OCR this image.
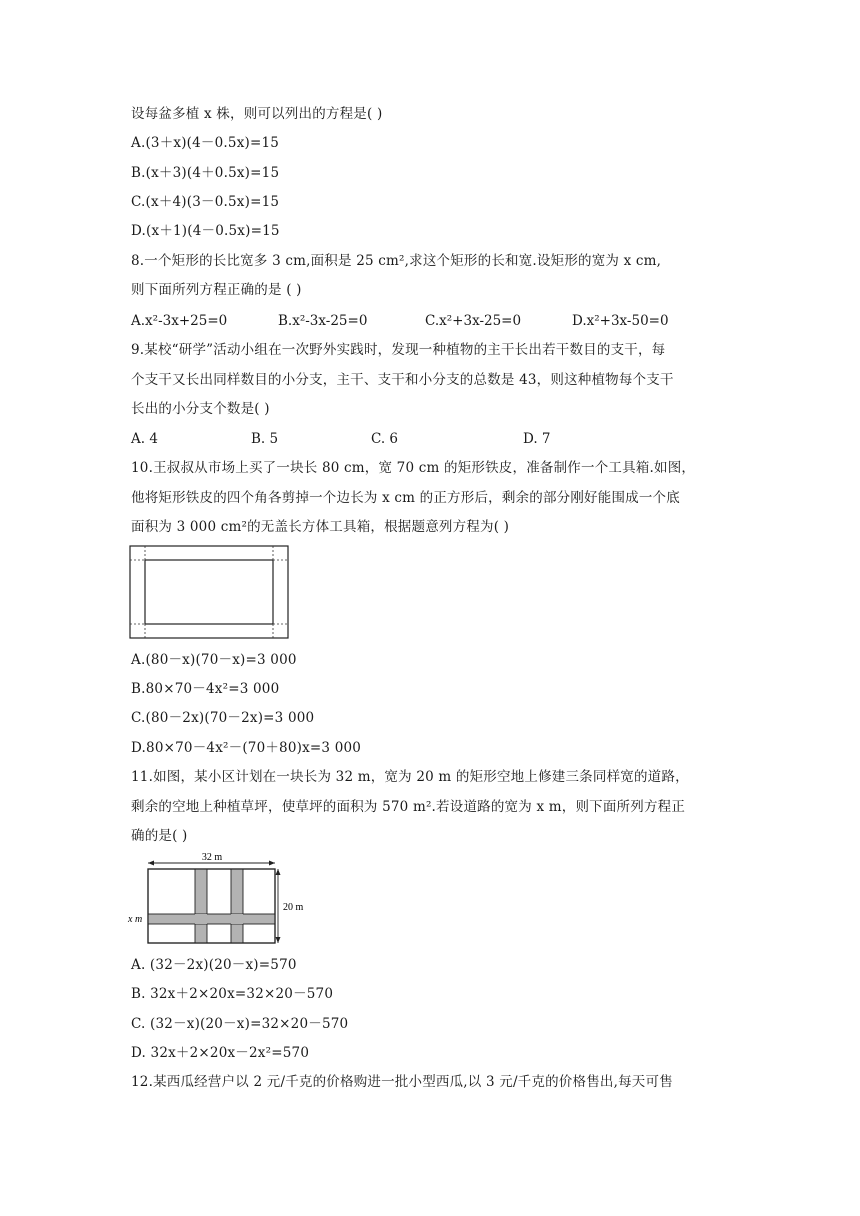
设每盆多植 x 株，则可以列出的方程是( )
A.(3＋x)(4－0.5x)=15
B.(x＋3)(4＋0.5x)=15
C.(x＋4)(3－0.5x)=15
D.(x＋1)(4－0.5x)=15
8.一个矩形的长比宽多 3 cm,面积是 25 cm²,求这个矩形的长和宽.设矩形的宽为 x cm,
则下面所列方程正确的是 ( )
A.x²-3x+25=0	B.x²-3x-25=0	C.x²+3x-25=0	D.x²+3x-50=0
9.某校“研学”活动小组在一次野外实践时，发现一种植物的主干长出若干数目的支干，每
个支干又长出同样数目的小分支，主干、支干和小分支的总数是 43，则这种植物每个支干
长出的小分支个数是( )
A. 4	B. 5	C. 6	D. 7
10.王叔叔从市场上买了一块长 80 cm，宽 70 cm 的矩形铁皮，准备制作一个工具箱.如图，
他将矩形铁皮的四个角各剪掉一个边长为 x cm 的正方形后，剩余的部分刚好能围成一个底
面积为 3 000 cm²的无盖长方体工具箱，根据题意列方程为( )
A.(80－x)(70－x)=3 000
B.80×70－4x²=3 000
C.(80－2x)(70－2x)=3 000
D.80×70－4x²－(70＋80)x=3 000
11.如图，某小区计划在一块长为 32 m，宽为 20 m 的矩形空地上修建三条同样宽的道路，
剩余的空地上种植草坪，使草坪的面积为 570 m².若设道路的宽为 x m，则下面所列方程正
确的是( )
32 m
20 m
x m
A. (32－2x)(20－x)=570
B. 32x＋2×20x=32×20－570
C. (32－x)(20－x)=32×20－570
D. 32x＋2×20x－2x²=570
12.某西瓜经营户以 2 元/千克的价格购进一批小型西瓜,以 3 元/千克的价格售出,每天可售
